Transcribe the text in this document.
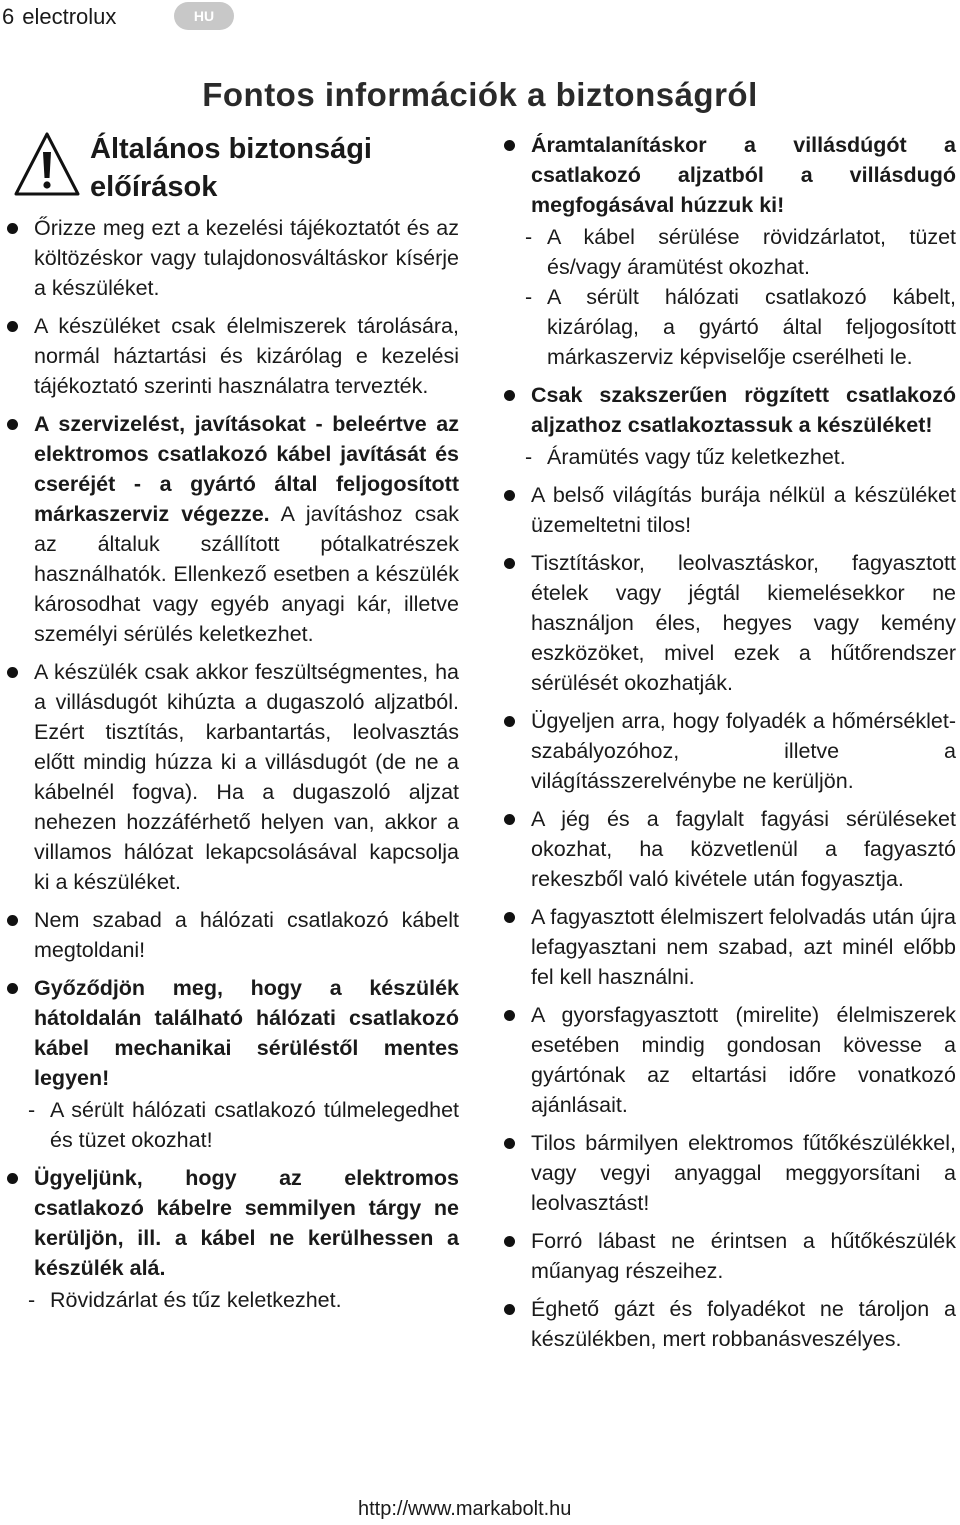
6 electrolux	HU
Fontos információk a biztonságról
Általános biztonsági
előírások
Őrizze meg ezt a kezelési tájékoztatót és az költözéskor vagy tulajdonosváltáskor kísérje a készüléket.
A készüléket csak élelmiszerek tárolására, normál háztartási és kizárólag e kezelési tájékoztató szerinti használatra tervezték.
A szervizelést, javításokat - beleértve az elektromos csatlakozó kábel javítását és cseréjét - a gyártó által feljogosított márkaszerviz végezze. A javításhoz csak az általuk szállított pótalkatrészek használhatók. Ellenkező esetben a készülék károsodhat vagy egyéb anyagi kár, illetve személyi sérülés keletkezhet.
A készülék csak akkor feszültségmentes, ha a villásdugót kihúzta a dugaszoló aljzatból. Ezért tisztítás, karbantartás, leolvasztás előtt mindig húzza ki a villásdugót (de ne a kábelnél fogva). Ha a dugaszoló aljzat nehezen hozzáférhető helyen van, akkor a villamos hálózat lekapcsolásával kapcsolja ki a készüléket.
Nem szabad a hálózati csatlakozó kábelt megtoldani!
Győződjön meg, hogy a készülék hátoldalán található hálózati csatlakozó kábel mechanikai sérüléstől mentes legyen!
- A sérült hálózati csatlakozó túlmelegedhet és tüzet okozhat!
Ügyeljünk, hogy az elektromos csatlakozó kábelre semmilyen tárgy ne kerüljön, ill. a kábel ne kerülhessen a készülék alá.
- Rövidzárlat és tűz keletkezhet.
Áramtalanításkor a villásdúgót a csatlakozó aljzatból a villásdugó megfogásával húzzuk ki!
- A kábel sérülése rövidzárlatot, tüzet és/vagy áramütést okozhat.
- A sérült hálózati csatlakozó kábelt, kizárólag, a gyártó által feljogosított márkaszerviz képviselője cserélheti le.
Csak szakszerűen rögzített csatlakozó aljzathoz csatlakoztassuk a készüléket!
- Áramütés vagy tűz keletkezhet.
A belső világítás burája nélkül a készüléket üzemeltetni tilos!
Tisztításkor, leolvasztáskor, fagyasztott ételek vagy jégtál kiemelésekkor ne használjon éles, hegyes vagy kemény eszközöket, mivel ezek a hűtőrendszer sérülését okozhatják.
Ügyeljen arra, hogy folyadék a hőmérséklet-szabályozóhoz, illetve a világításszerelvénybe ne kerüljön.
A jég és a fagylalt fagyási sérüléseket okozhat, ha közvetlenül a fagyasztó rekeszből való kivétele után fogyasztja.
A fagyasztott élelmiszert felolvadás után újra lefagyasztani nem szabad, azt minél előbb fel kell használni.
A gyorsfagyasztott (mirelite) élelmiszerek esetében mindig gondosan kövesse a gyártónak az eltartási időre vonatkozó ajánlásait.
Tilos bármilyen elektromos fűtőkészülékkel, vagy vegyi anyaggal meggyorsítani a leolvasztást!
Forró lábast ne érintsen a hűtőkészülék műanyag részeihez.
Éghető gázt és folyadékot ne tároljon a készülékben, mert robbanásveszélyes.
http://www.markabolt.hu
